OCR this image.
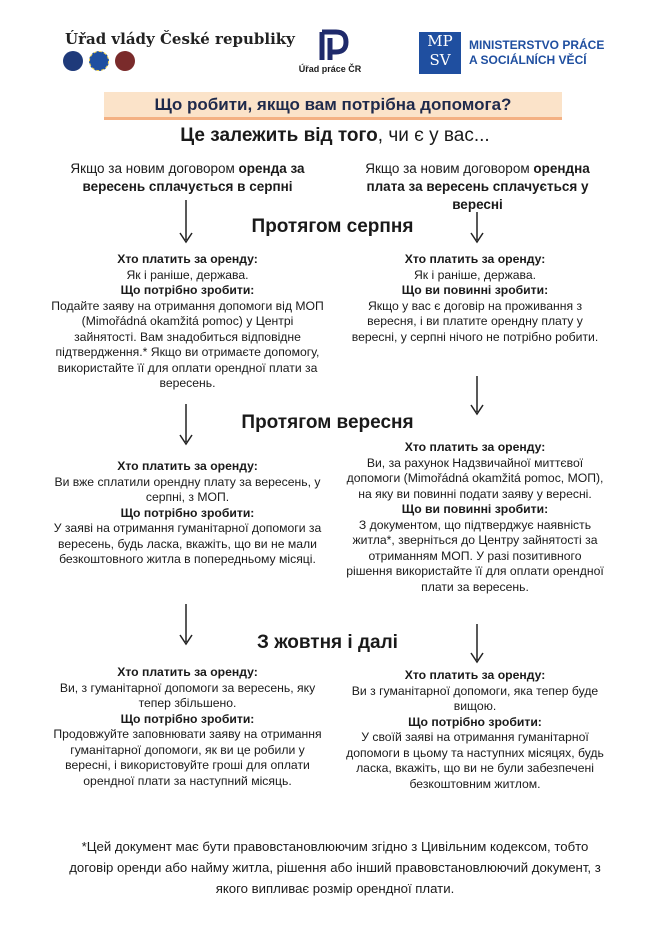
Úřad vlády České republiky
Úřad práce ČR
MP
SV
MINISTERSTVO PRÁCE
A SOCIÁLNÍCH VĚCÍ
Що робити, якщо вам потрібна допомога?
Це залежить від того, чи є у вас...
Якщо за новим договором оренда за вересень сплачується в серпні
Якщо за новим договором орендна плата за вересень сплачується у вересні
Протягом серпня
Хто платить за оренду:
Як і раніше, держава.
Що потрібно зробити:
Подайте заяву на отримання допомоги від МОП (Mimořádná okamžitá pomoc) у Центрі зайнятості. Вам знадобиться відповідне підтвердження.* Якщо ви отримаєте допомогу, використайте її для оплати орендної плати за вересень.
Хто платить за оренду:
Як і раніше, держава.
Що ви повинні зробити:
Якщо у вас є договір на проживання з вересня, і ви платите орендну плату у вересні, у серпні нічого не потрібно робити.
Протягом вересня
Хто платить за оренду:
Ви вже сплатили орендну плату за вересень, у серпні, з МОП.
Що потрібно зробити:
У заяві на отримання гуманітарної допомоги за вересень, будь ласка, вкажіть, що ви не мали безкоштовного житла в попередньому місяці.
Хто платить за оренду:
Ви, за рахунок Надзвичайної миттєвої допомоги (Mimořádná okamžitá pomoc, МОП), на яку ви повинні подати заяву у вересні.
Що ви повинні зробити:
З документом, що підтверджує наявність житла*, зверніться до Центру зайнятості за отриманням МОП. У разі позитивного рішення використайте її для оплати орендної плати за вересень.
З жовтня і далі
Хто платить за оренду:
Ви, з гуманітарної допомоги за вересень, яку тепер збільшено.
Що потрібно зробити:
Продовжуйте заповнювати заяву на отримання гуманітарної допомоги, як ви це робили у вересні, і використовуйте гроші для оплати орендної плати за наступний місяць.
Хто платить за оренду:
Ви з гуманітарної допомоги, яка тепер буде вищою.
Що потрібно зробити:
У своїй заяві на отримання гуманітарної допомоги в цьому та наступних місяцях, будь ласка, вкажіть, що ви не були забезпечені безкоштовним житлом.
*Цей документ має бути правовстановлюючим згідно з Цивільним кодексом, тобто договір оренди або найму житла, рішення або інший правовстановлюючий документ, з якого випливає розмір орендної плати.
